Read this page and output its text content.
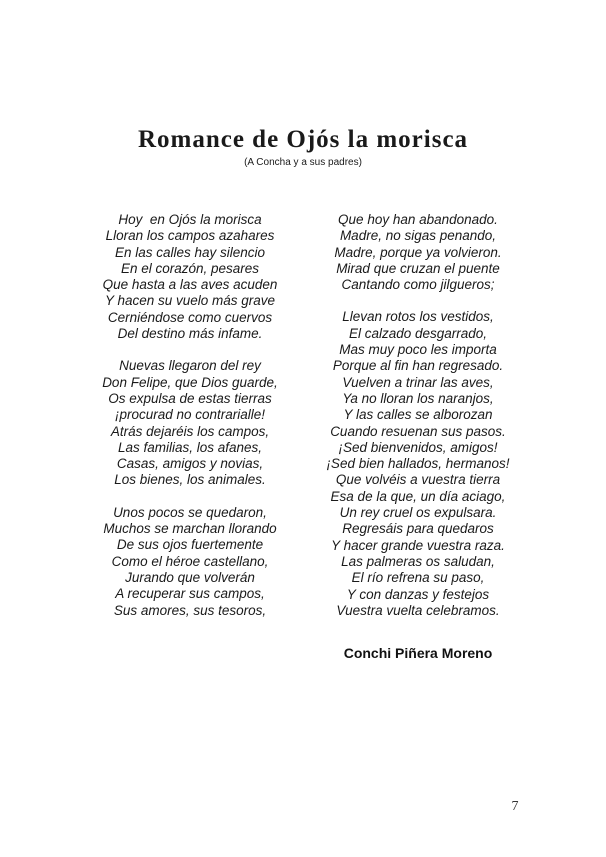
Romance de Ojós la morisca
(A Concha y a sus padres)
Hoy  en Ojós la morisca
Lloran los campos azahares
En las calles hay silencio
En el corazón, pesares
Que hasta a las aves acuden
Y hacen su vuelo más grave
Cerniéndose como cuervos
Del destino más infame.
Nuevas llegaron del rey
Don Felipe, que Dios guarde,
Os expulsa de estas tierras
¡procurad no contrarialle!
Atrás dejaréis los campos,
Las familias, los afanes,
Casas, amigos y novias,
Los bienes, los animales.
Unos pocos se quedaron,
Muchos se marchan llorando
De sus ojos fuertemente
Como el héroe castellano,
Jurando que volverán
A recuperar sus campos,
Sus amores, sus tesoros,
Que hoy han abandonado.
Madre, no sigas penando,
Madre, porque ya volvieron.
Mirad que cruzan el puente
Cantando como jilgueros;
Llevan rotos los vestidos,
El calzado desgarrado,
Mas muy poco les importa
Porque al fin han regresado.
Vuelven a trinar las aves,
Ya no lloran los naranjos,
Y las calles se alborozan
Cuando resuenan sus pasos.
¡Sed bienvenidos, amigos!
¡Sed bien hallados, hermanos!
Que volvéis a vuestra tierra
Esa de la que, un día aciago,
Un rey cruel os expulsara.
Regresáis para quedaros
Y hacer grande vuestra raza.
Las palmeras os saludan,
El río refrena su paso,
Y con danzas y festejos
Vuestra vuelta celebramos.
Conchi Piñera Moreno
7
